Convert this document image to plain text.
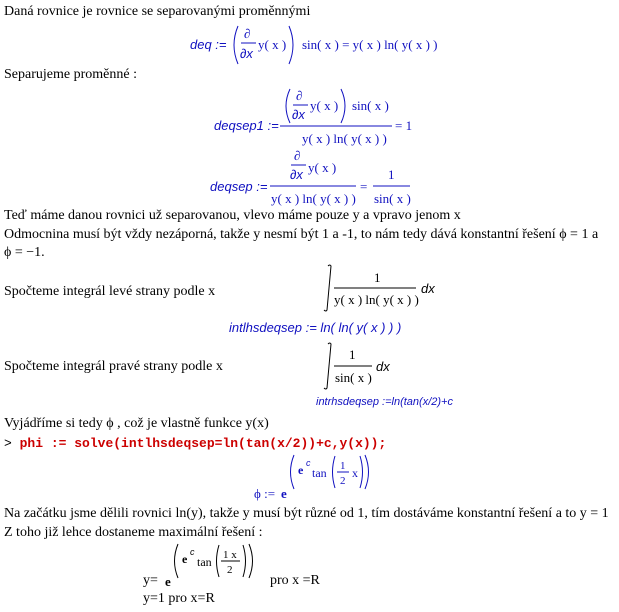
Daná rovnice je rovnice se separovanými proměnnými
deq :=
∂
∂x
y( x ) sin( x ) = y( x ) ln( y( x ) )
Separujeme proměnné :
deqsep1 :=
∂
∂x
y( x ) sin( x )
y( x ) ln( y( x ) )
= 1
deqsep :=
∂
∂x y( x )
y( x ) ln( y( x ) )
=
1
sin( x )
Teď máme danou rovnici už separovanou, vlevo máme pouze y a vpravo jenom x
Odmocnina musí být vždy nezáporná, takže y nesmí být 1 a -1, to nám tedy dává konstantní řešení ϕ = 1 a
ϕ = −1.
Spočteme integrál levé strany podle x
1
y( x ) ln( y( x ) )
dx
intlhsdeqsep := ln( ln( y( x ) ) )
Spočteme integrál pravé strany podle x
1
sin( x )
dx
intrhsdeqsep :=ln(tan(x/2)+c
Vyjádříme si tedy ϕ , což je vlastně funkce y(x)
> phi := solve(intlhsdeqsep=ln(tan(x/2))+c,y(x));
ϕ := e
e c
tan 1
2
x
Na začátku jsme dělili rovnici ln(y), takže y musí být různé od 1, tím dostáváme konstantní řešení a to y = 1
Z toho již lehce dostaneme maximální řešení :
y= e
e c
tan 1 x
2
pro x =R
y=1 pro x=R
